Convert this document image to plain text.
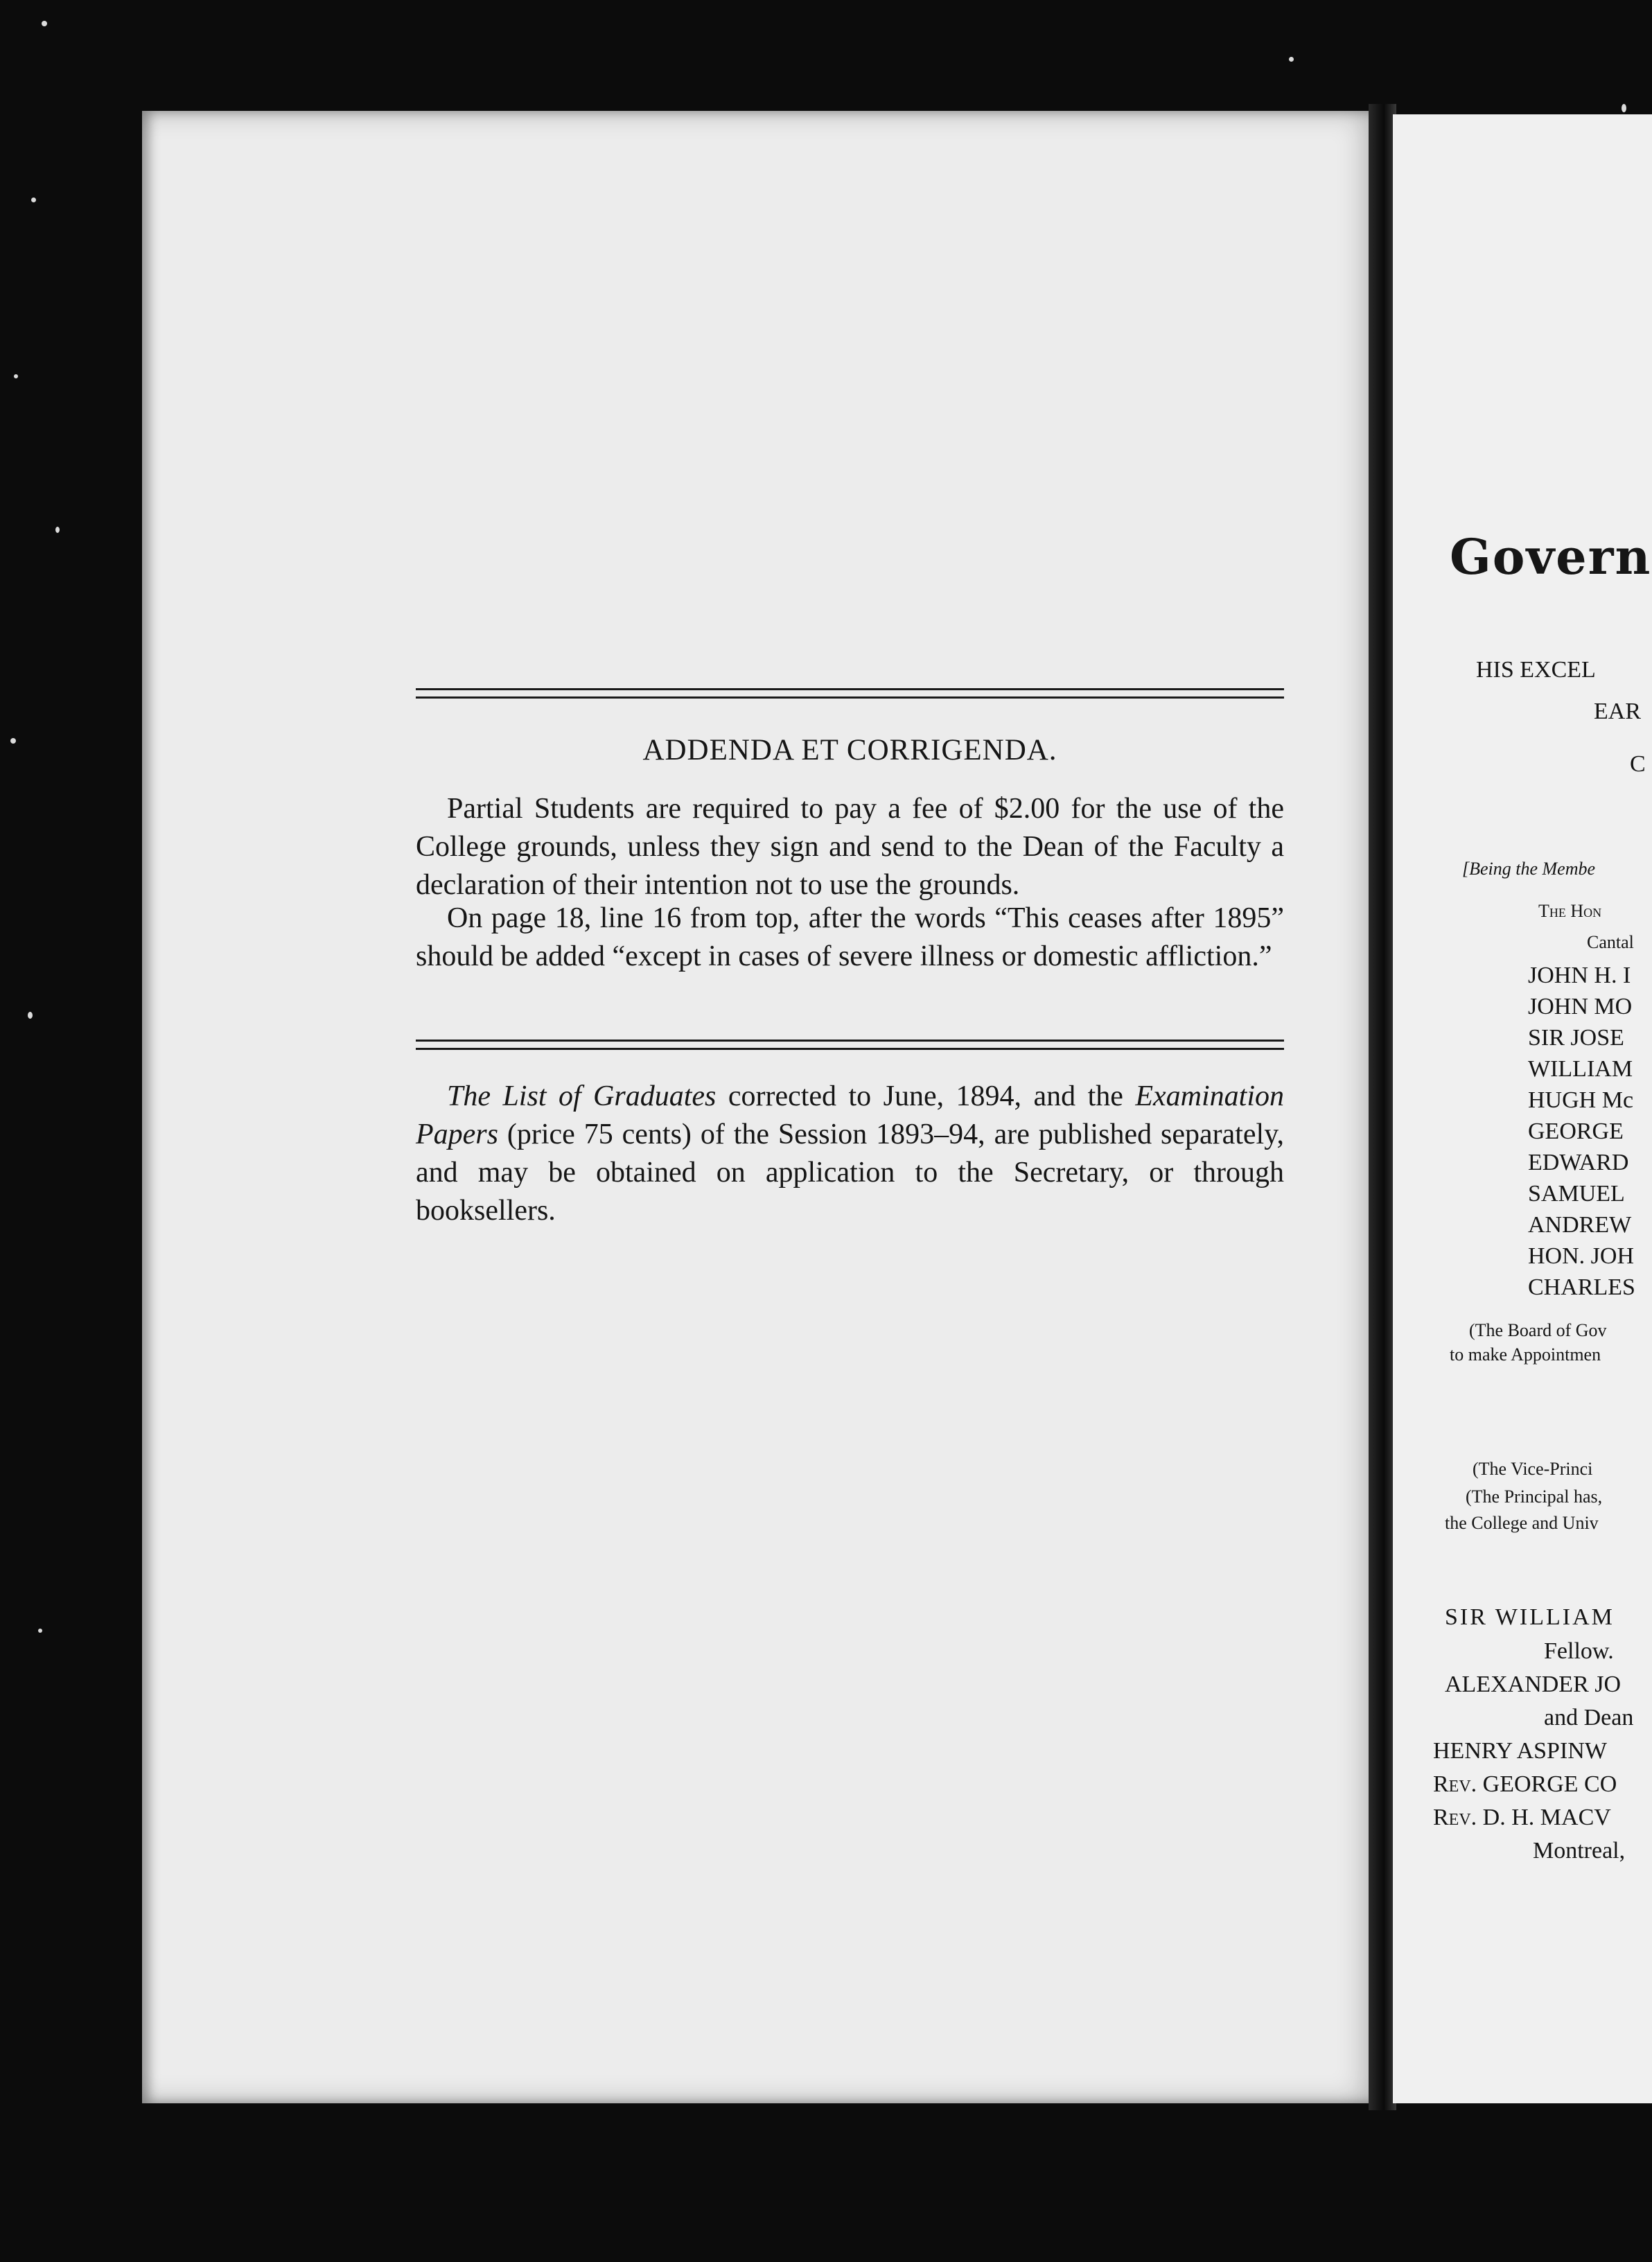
ADDENDA ET CORRIGENDA.
Partial Students are required to pay a fee of $2.00 for the use of the College grounds, unless they sign and send to the Dean of the Faculty a declaration of their intention not to use the grounds.
On page 18, line 16 from top, after the words “This ceases after 1895” should be added “except in cases of severe illness or domestic affliction.”
The List of Graduates corrected to June, 1894, and the Examination Papers (price 75 cents) of the Session 1893–94, are published separately, and may be obtained on application to the Secretary, or through booksellers.
Govern
HIS EXCEL
EAR
C
[Being the Membe
The Hon
Cantal
JOHN H. I
JOHN MO
SIR JOSE
WILLIAM
HUGH Mc
GEORGE
EDWARD
SAMUEL
ANDREW
HON. JOH
CHARLES
(The Board of Gov
to make Appointmen
(The Vice-Princi
(The Principal has,
the College and Univ
SIR WILLIAM
Fellow.
ALEXANDER JO
and Dean
HENRY ASPINW
Rev. GEORGE CO
Rev. D. H. MACV
Montreal,
